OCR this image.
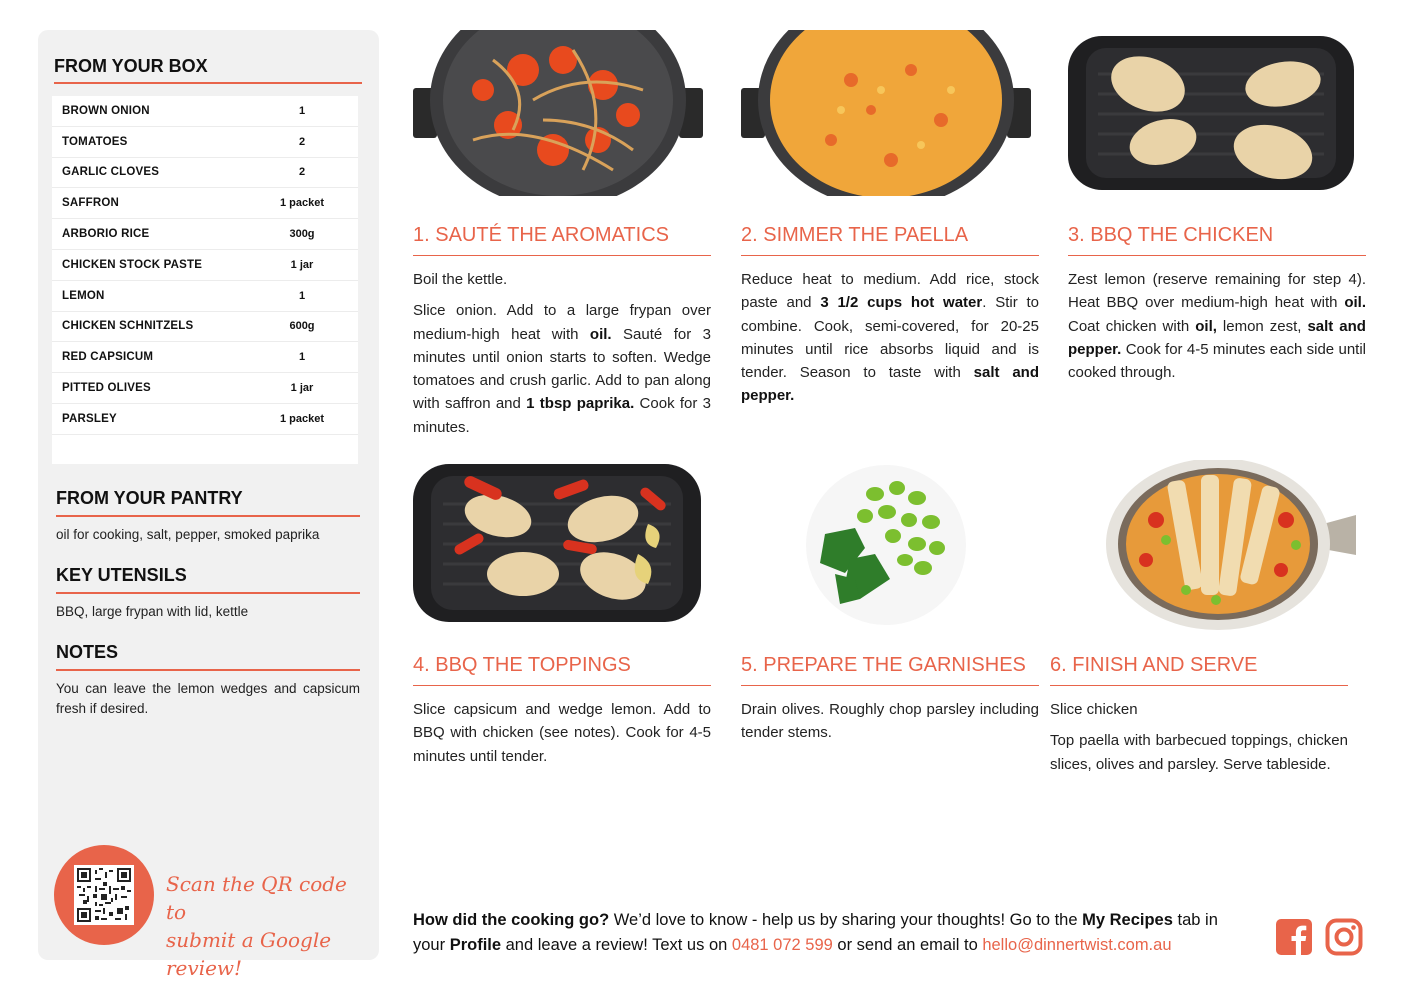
FROM YOUR BOX
BROWN ONION	1
TOMATOES	2
GARLIC CLOVES	2
SAFFRON	1 packet
ARBORIO RICE	300g
CHICKEN STOCK PASTE	1 jar
LEMON	1
CHICKEN SCHNITZELS	600g
RED CAPSICUM	1
PITTED OLIVES	1 jar
PARSLEY	1 packet
FROM YOUR PANTRY
oil for cooking, salt, pepper, smoked paprika
KEY UTENSILS
BBQ, large frypan with lid, kettle
NOTES
You can leave the lemon wedges and capsicum fresh if desired.
Scan the QR code to
submit a Google review!
1. SAUTÉ THE AROMATICS

Boil the kettle.

Slice onion. Add to a large frypan over medium-high heat with oil. Sauté for 3 minutes until onion starts to soften. Wedge tomatoes and crush garlic. Add to pan along with saffron and 1 tbsp paprika. Cook for 3 minutes.

2. SIMMER THE PAELLA

Reduce heat to medium. Add rice, stock paste and 3 1/2 cups hot water. Stir to combine. Cook, semi-covered, for 20-25 minutes until rice absorbs liquid and is tender. Season to taste with salt and pepper.

3. BBQ THE CHICKEN

Zest lemon (reserve remaining for step 4). Heat BBQ over medium-high heat with oil. Coat chicken with oil, lemon zest, salt and pepper. Cook for 4-5 minutes each side until cooked through.

4. BBQ THE TOPPINGS

Slice capsicum and wedge lemon. Add to BBQ with chicken (see notes). Cook for 4-5 minutes until tender.

5. PREPARE THE GARNISHES

Drain olives. Roughly chop parsley including tender stems.

6. FINISH AND SERVE

Slice chicken

Top paella with barbecued toppings, chicken slices, olives and parsley. Serve tableside.

How did the cooking go? We’d love to know - help us by sharing your thoughts! Go to the My Recipes tab in your Profile and leave a review! Text us on 0481 072 599 or send an email to hello@dinnertwist.com.au
